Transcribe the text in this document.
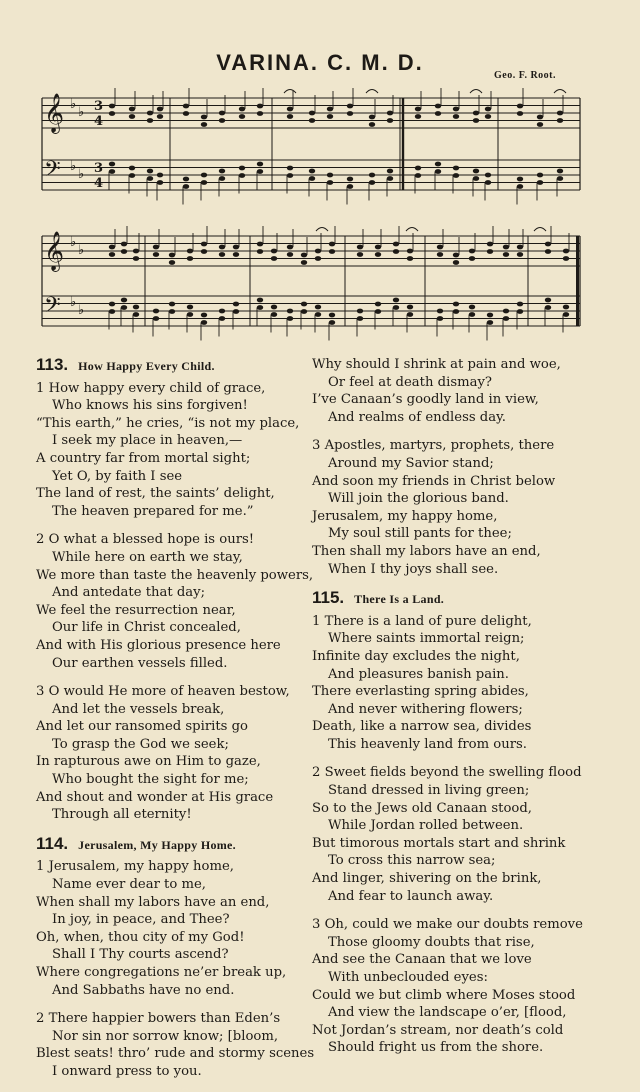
VARINA. C. M. D.
Geo. F. Root.
𝄞 ♭
♭
𝄢 ♭
♭
𝄞 ♭
♭
𝄢 ♭
♭
3
4
3
4
113. How Happy Every Child.
1 How happy every child of grace,
Who knows his sins forgiven!
“This earth,” he cries, “is not my place,
I seek my place in heaven,—
A country far from mortal sight;
Yet O, by faith I see
The land of rest, the saints’ delight,
The heaven prepared for me.”
2 O what a blessed hope is ours!
While here on earth we stay,
We more than taste the heavenly powers,
And antedate that day;
We feel the resurrection near,
Our life in Christ concealed,
And with His glorious presence here
Our earthen vessels filled.
3 O would He more of heaven bestow,
And let the vessels break,
And let our ransomed spirits go
To grasp the God we seek;
In rapturous awe on Him to gaze,
Who bought the sight for me;
And shout and wonder at His grace
Through all eternity!
114. Jerusalem, My Happy Home.
1 Jerusalem, my happy home,
Name ever dear to me,
When shall my labors have an end,
In joy, in peace, and Thee?
Oh, when, thou city of my God!
Shall I Thy courts ascend?
Where congregations ne’er break up,
And Sabbaths have no end.
2 There happier bowers than Eden’s
Nor sin nor sorrow know; [bloom,
Blest seats! thro’ rude and stormy scenes
I onward press to you.
Why should I shrink at pain and woe,
Or feel at death dismay?
I’ve Canaan’s goodly land in view,
And realms of endless day.
3 Apostles, martyrs, prophets, there
Around my Savior stand;
And soon my friends in Christ below
Will join the glorious band.
Jerusalem, my happy home,
My soul still pants for thee;
Then shall my labors have an end,
When I thy joys shall see.
115. There Is a Land.
1 There is a land of pure delight,
Where saints immortal reign;
Infinite day excludes the night,
And pleasures banish pain.
There everlasting spring abides,
And never withering flowers;
Death, like a narrow sea, divides
This heavenly land from ours.
2 Sweet fields beyond the swelling flood
Stand dressed in living green;
So to the Jews old Canaan stood,
While Jordan rolled between.
But timorous mortals start and shrink
To cross this narrow sea;
And linger, shivering on the brink,
And fear to launch away.
3 Oh, could we make our doubts remove
Those gloomy doubts that rise,
And see the Canaan that we love
With unbeclouded eyes:
Could we but climb where Moses stood
And view the landscape o’er, [flood,
Not Jordan’s stream, nor death’s cold
Should fright us from the shore.
